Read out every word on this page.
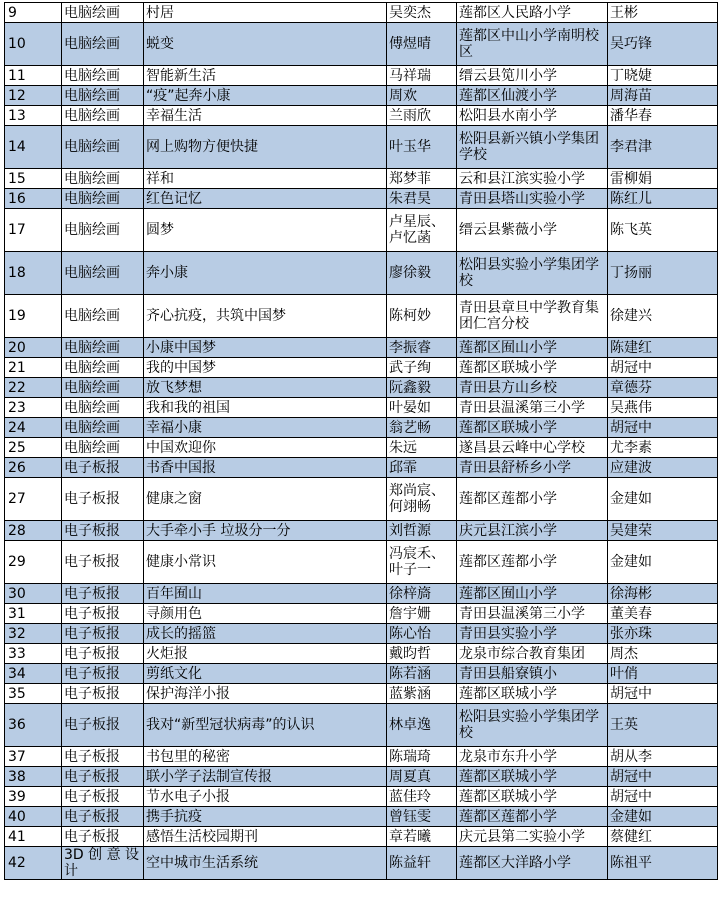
9	电脑绘画	村居	吴奕杰	莲都区人民路小学	王彬
10	电脑绘画	蜕变	傅煜晴	莲都区中山小学南明校区	吴巧锋
11	电脑绘画	智能新生活	马祥瑞	缙云县笕川小学	丁晓婕
12	电脑绘画	“疫”起奔小康	周欢	莲都区仙渡小学	周海苗
13	电脑绘画	幸福生活	兰雨欣	松阳县水南小学	潘华春
14	电脑绘画	网上购物方便快捷	叶玉华	松阳县新兴镇小学集团学校	李君津
15	电脑绘画	祥和	郑梦菲	云和县江滨实验小学	雷柳娟
16	电脑绘画	红色记忆	朱君昊	青田县塔山实验小学	陈红儿
17	电脑绘画	圆梦	卢星辰、卢忆菡	缙云县紫薇小学	陈飞英
18	电脑绘画	奔小康	廖徐毅	松阳县实验小学集团学校	丁扬丽
19	电脑绘画	齐心抗疫，共筑中国梦	陈柯妙	青田县章旦中学教育集团仁宫分校	徐建兴
20	电脑绘画	小康中国梦	李振睿	莲都区囿山小学	陈建红
21	电脑绘画	我的中国梦	武子绚	莲都区联城小学	胡冠中
22	电脑绘画	放飞梦想	阮鑫毅	青田县方山乡校	章德芬
23	电脑绘画	我和我的祖国	叶晏如	青田县温溪第三小学	吴燕伟
24	电脑绘画	幸福小康	翁艺畅	莲都区联城小学	胡冠中
25	电脑绘画	中国欢迎你	朱远	遂昌县云峰中心学校	尤李素
26	电子板报	书香中国报	邱霏	青田县舒桥乡小学	应建波
27	电子板报	健康之窗	郑尚宸、何翊畅	莲都区莲都小学	金建如
28	电子板报	大手牵小手 垃圾分一分	刘哲源	庆元县江滨小学	吴建荣
29	电子板报	健康小常识	冯宸禾、叶子一	莲都区莲都小学	金建如
30	电子板报	百年囿山	徐梓旖	莲都区囿山小学	徐海彬
31	电子板报	寻颜用色	詹宇姗	青田县温溪第三小学	董美春
32	电子板报	成长的摇篮	陈心怡	青田县实验小学	张亦珠
33	电子板报	火炬报	戴昀哲	龙泉市综合教育集团	周杰
34	电子板报	剪纸文化	陈若涵	青田县船寮镇小	叶俏
35	电子板报	保护海洋小报	蓝紫涵	莲都区联城小学	胡冠中
36	电子板报	我对“新型冠状病毒”的认识	林卓逸	松阳县实验小学集团学校	王英
37	电子板报	书包里的秘密	陈瑞琦	龙泉市东升小学	胡从李
38	电子板报	联小学子法制宣传报	周夏真	莲都区联城小学	胡冠中
39	电子板报	节水电子小报	蓝佳玲	莲都区联城小学	胡冠中
40	电子板报	携手抗疫	曾钰雯	莲都区莲都小学	金建如
41	电子板报	感悟生活校园期刊	章若曦	庆元县第二实验小学	蔡健红
42	3D 创 意 设计	空中城市生活系统	陈益轩	莲都区大洋路小学	陈祖平
